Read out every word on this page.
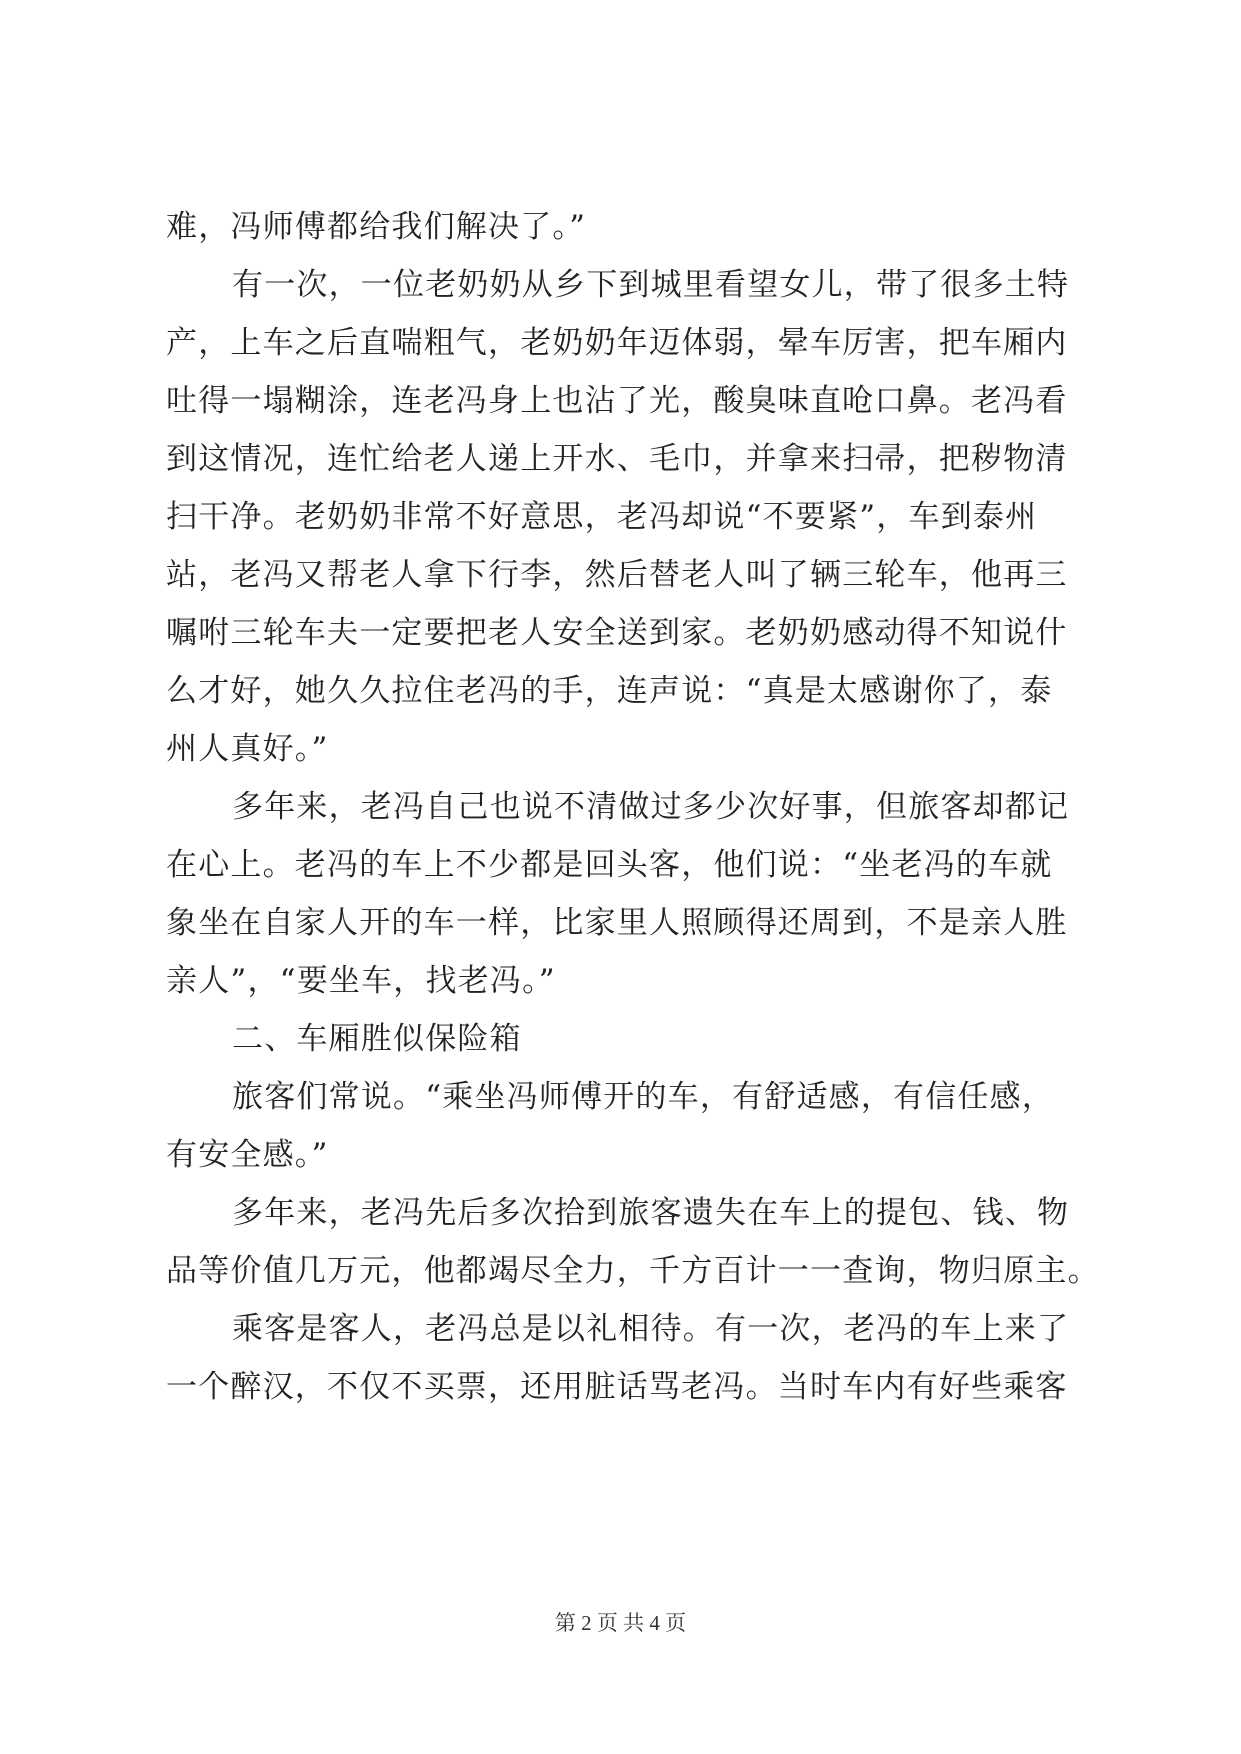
难，冯师傅都给我们解决了。”
有一次，一位老奶奶从乡下到城里看望女儿，带了很多土特
产，上车之后直喘粗气，老奶奶年迈体弱，晕车厉害，把车厢内
吐得一塌糊涂，连老冯身上也沾了光，酸臭味直呛口鼻。老冯看
到这情况，连忙给老人递上开水、毛巾，并拿来扫帚，把秽物清
扫干净。老奶奶非常不好意思，老冯却说“不要紧”，车到泰州
站，老冯又帮老人拿下行李，然后替老人叫了辆三轮车，他再三
嘱咐三轮车夫一定要把老人安全送到家。老奶奶感动得不知说什
么才好，她久久拉住老冯的手，连声说：“真是太感谢你了，泰
州人真好。”
多年来，老冯自己也说不清做过多少次好事，但旅客却都记
在心上。老冯的车上不少都是回头客，他们说：“坐老冯的车就
象坐在自家人开的车一样，比家里人照顾得还周到，不是亲人胜
亲人”，“要坐车，找老冯。”
二、车厢胜似保险箱
旅客们常说。“乘坐冯师傅开的车，有舒适感，有信任感，
有安全感。”
多年来，老冯先后多次拾到旅客遗失在车上的提包、钱、物
品等价值几万元，他都竭尽全力，千方百计一一查询，物归原主。
乘客是客人，老冯总是以礼相待。有一次，老冯的车上来了
一个醉汉，不仅不买票，还用脏话骂老冯。当时车内有好些乘客
第 2 页 共 4 页
